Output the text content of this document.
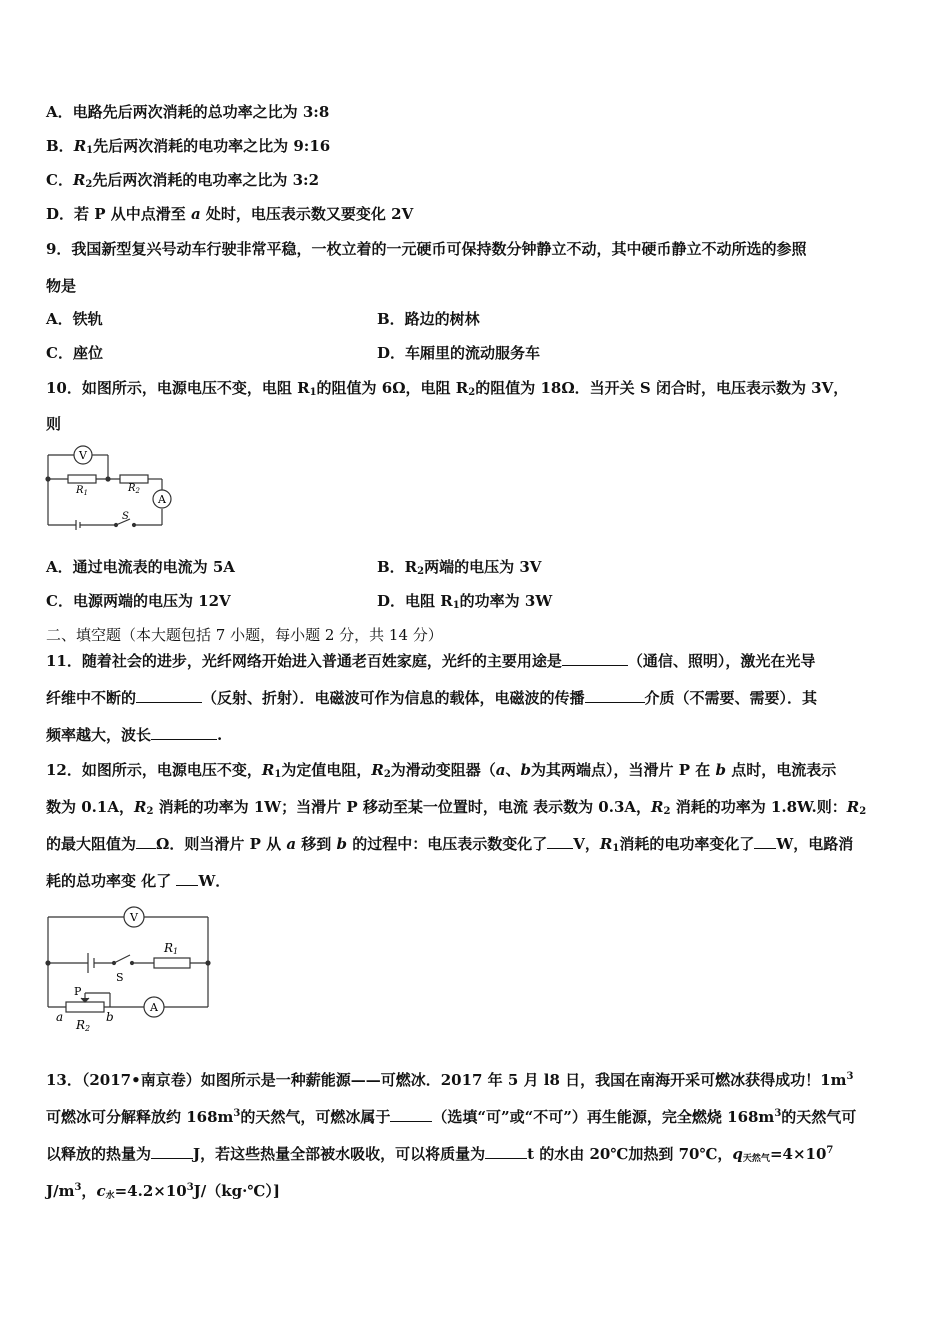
A．电路先后两次消耗的总功率之比为 3:8
B．$R_1$先后两次消耗的电功率之比为 9:16
C．$R_2$先后两次消耗的电功率之比为 3:2
D．若 P 从中点滑至 a 处时，电压表示数又要变化 2V
9．我国新型复兴号动车行驶非常平稳，一枚立着的一元硬币可保持数分钟静立不动，其中硬币静立不动所选的参照
物是
A．铁轨	B．路边的树林
C．座位	D．车厢里的流动服务车
10．如图所示，电源电压不变，电阻 $R_1$的阻值为 6Ω，电阻 $R_2$的阻值为 18Ω．当开关 S 闭合时，电压表示数为 3V，
则
V
A
$R_1$	$R_2$
S
A．通过电流表的电流为 5A	B．$R_2$两端的电压为 3V
C．电源两端的电压为 12V	D．电阻 $R_1$的功率为 3W
二、填空题（本大题包括 7 小题，每小题 2 分，共 14 分）
11．随着社会的进步，光纤网络开始进入普通老百姓家庭，光纤的主要用途是	（通信、照明），激光在光导
纤维中不断的	（反射、折射）．电磁波可作为信息的载体，电磁波的传播	介质（不需要、需要）．其
频率越大，波长	.
12．如图所示，电源电压不变，$R_1$为定值电阻，$R_2$为滑动变阻器（a、b为其两端点），当滑片 P 在 b 点时，电流表示
数为 0.1A，$R_2$ 消耗的功率为 1W；当滑片 P 移动至某一位置时，电流 表示数为 0.3A，$R_2$ 消耗的功率为 1.8W.则：$R_2$
的最大阻值为 Ω．则当滑片 P 从 a 移到 b 的过程中：电压表示数变化了 V，$R_1$消耗的电功率变化了 W，电路消
耗的总功率变 化了 W．
V
A
R1
S
P
a	b
R2
13．（2017•南京卷）如图所示是一种薪能源——可燃冰．2017 年 5 月 l8 日，我国在南海开采可燃冰获得成功！$1m^3$
可燃冰可分解释放约 $168m^3$的天然气，可燃冰属于	（选填“可”或“不可”）再生能源，完全燃烧 $168m^3$的天然气可
以释放的热量为	J，若这些热量全部被水吸收，可以将质量为	t 的水由 20℃加热到 70℃，$q_{天然气}=4\times 10^7$
$J/m^3$，$c_水=4.2\times 10^3J/(kg\cdot℃)$]
